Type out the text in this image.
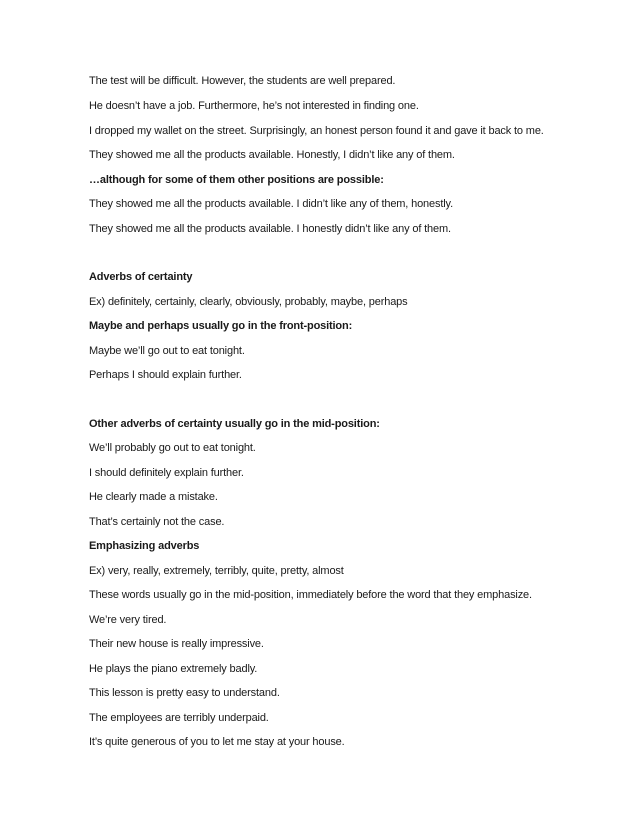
The test will be difficult. However, the students are well prepared.
He doesn’t have a job. Furthermore, he’s not interested in finding one.
I dropped my wallet on the street. Surprisingly, an honest person found it and gave it back to me.
They showed me all the products available. Honestly, I didn’t like any of them.
…although for some of them other positions are possible:
They showed me all the products available. I didn’t like any of them, honestly.
They showed me all the products available. I honestly didn’t like any of them.
Adverbs of certainty
Ex) definitely, certainly, clearly, obviously, probably, maybe, perhaps
Maybe and perhaps usually go in the front-position:
Maybe we’ll go out to eat tonight.
Perhaps I should explain further.
Other adverbs of certainty usually go in the mid-position:
We’ll probably go out to eat tonight.
I should definitely explain further.
He clearly made a mistake.
That’s certainly not the case.
Emphasizing adverbs
Ex) very, really, extremely, terribly, quite, pretty, almost
These words usually go in the mid-position, immediately before the word that they emphasize.
We’re very tired.
Their new house is really impressive.
He plays the piano extremely badly.
This lesson is pretty easy to understand.
The employees are terribly underpaid.
It’s quite generous of you to let me stay at your house.
